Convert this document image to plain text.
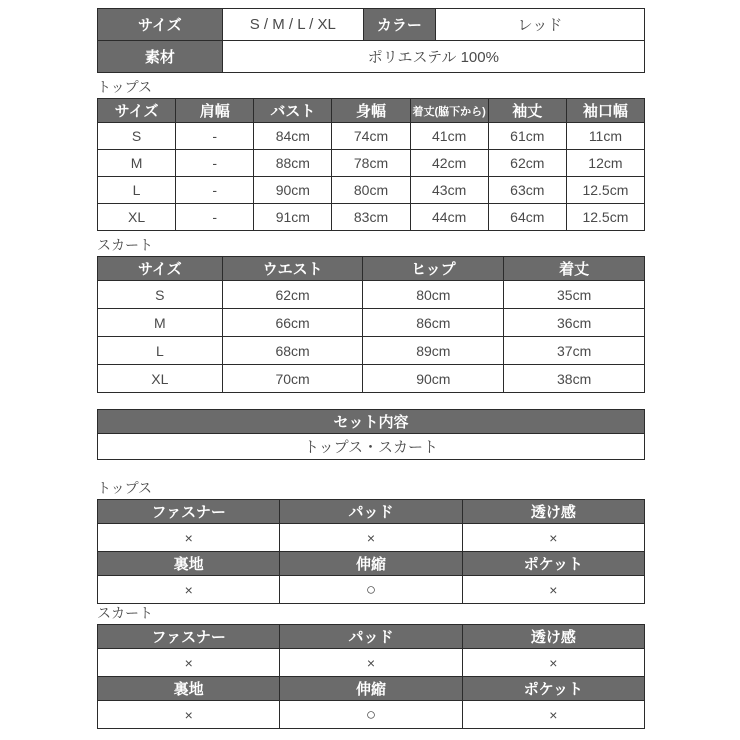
サイズ	S / M / L / XL	カラー	レッド
素材	ポリエステル 100%		
トップス
サイズ	肩幅	バスト	身幅	着丈(脇下から)	袖丈	袖口幅
S	-	84cm	74cm	41cm	61cm	11cm
M	-	88cm	78cm	42cm	62cm	12cm
L	-	90cm	80cm	43cm	63cm	12.5cm
XL	-	91cm	83cm	44cm	64cm	12.5cm
スカート
サイズ	ウエスト	ヒップ	着丈
S	62cm	80cm	35cm
M	66cm	86cm	36cm
L	68cm	89cm	37cm
XL	70cm	90cm	38cm
セット内容
トップス・スカート
トップス
ファスナー	パッド	透け感
×	×	×
裏地	伸縮	ポケット
×	○	×
スカート
ファスナー	パッド	透け感
×	×	×
裏地	伸縮	ポケット
×	○	×
